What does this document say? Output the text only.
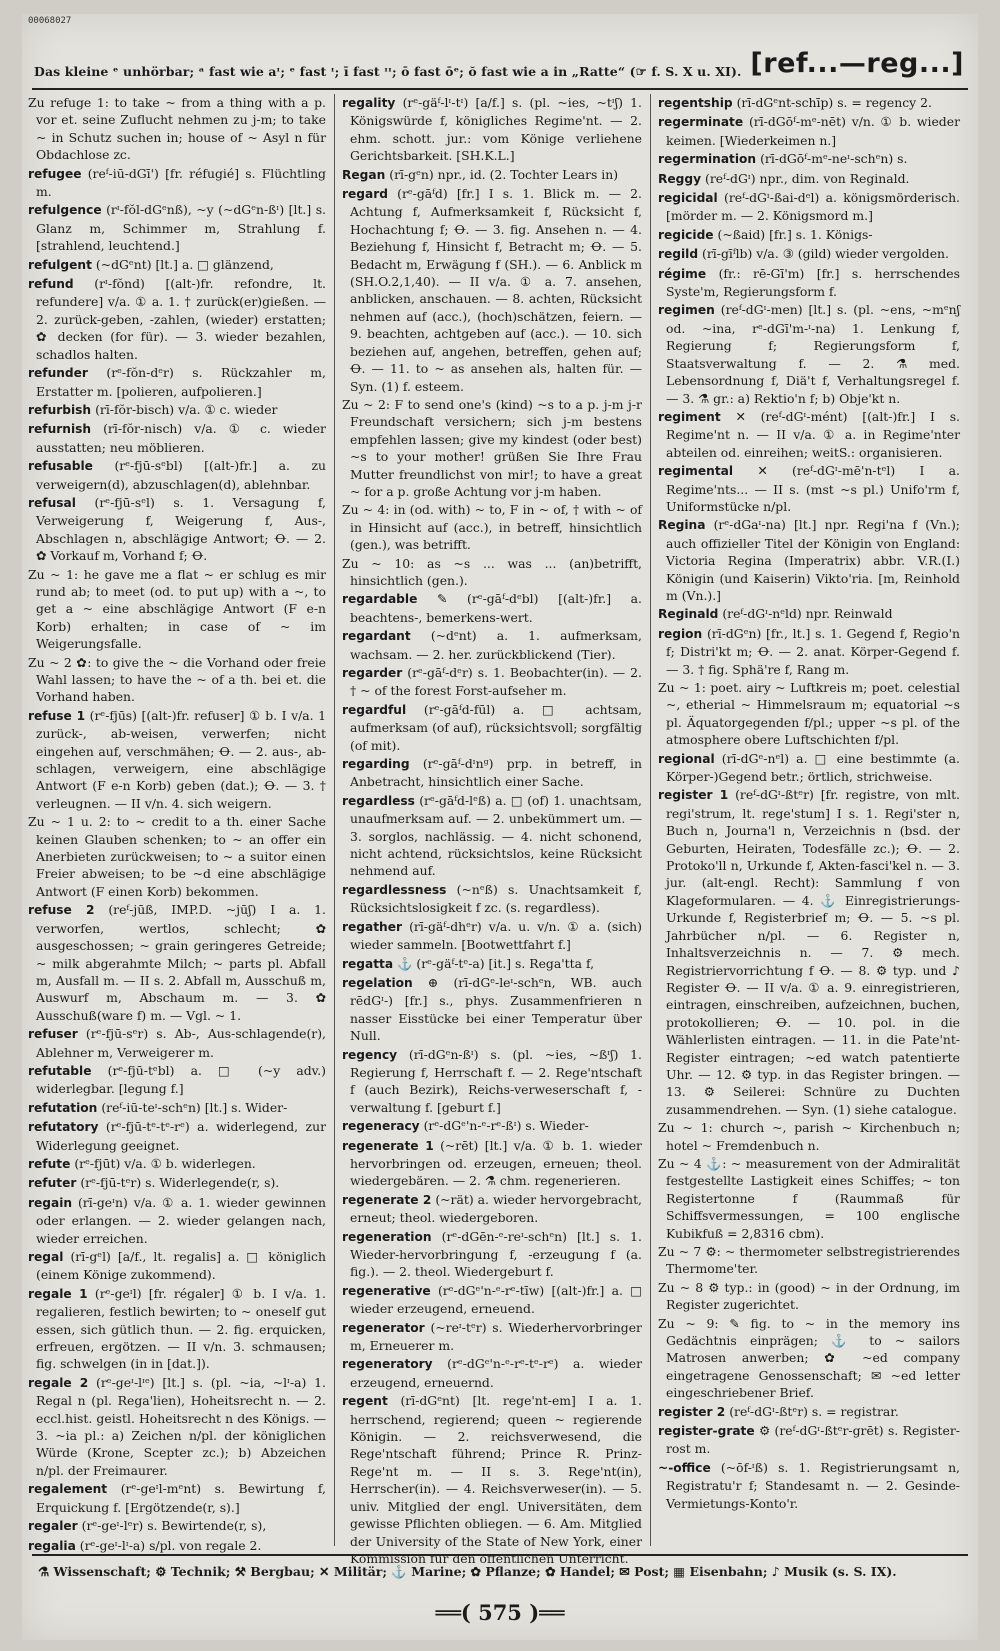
00068027
Das kleine ᵉ unhörbar; ᵃ fast wie aᶦ; ᵉ fast ᶦ; ī fast ᶦᶦ; ō fast ōᵉ; ŏ fast wie a in „Ratte“ (☞ f. S. X u. XI). [ref...—reg...]
Zu refuge 1: to take ~ from a thing with a p. vor et. seine Zuflucht nehmen zu j-m; to take ~ in Schutz suchen in; house of ~ Asyl n für Obdachlose zc.
refugee (reᶠ-iū-dGī') [fr. réfugié] s. Flüchtling m.
refulgence (rᶦ-fŏl-dGᵉnß), ~y (~dGᵉn-ßᶦ) [lt.] s. Glanz m, Schimmer m, Strahlung f. [strahlend, leuchtend.]
refulgent (~dGᵉnt) [lt.] a. □ glänzend,
refund (rᶦ-fŏnd) [(alt-)fr. refondre, lt. refundere] v/a. ① a. 1. † zurück(er)gießen. — 2. zurück-geben, -zahlen, (wieder) erstatten; ✿ decken (for für). — 3. wieder bezahlen, schadlos halten.
refunder (rᵉ-fŏn-dᵉr) s. Rückzahler m, Erstatter m. [polieren, aufpolieren.]
refurbish (rī-fŏr-bisch) v/a. ① c. wieder
refurnish (rī-fŏr-nisch) v/a. ① c. wieder ausstatten; neu möblieren.
refusable (rᵉ-fjū-sᵉbl) [(alt-)fr.] a. zu verweigern(d), abzuschlagen(d), ablehnbar.
refusal (rᵉ-fjū-sᵉl) s. 1. Versagung f, Verweigerung f, Weigerung f, Aus-, Abschlagen n, abschlägige Antwort; Ꝋ. — 2. ✿ Vorkauf m, Vorhand f; Ꝋ.
Zu ~ 1: he gave me a flat ~ er schlug es mir rund ab; to meet (od. to put up) with a ~, to get a ~ eine abschlägige Antwort (F e-n Korb) erhalten; in case of ~ im Weigerungsfalle.
Zu ~ 2 ✿: to give the ~ die Vorhand oder freie Wahl lassen; to have the ~ of a th. bei et. die Vorhand haben.
refuse 1 (rᵉ-fjūs) [(alt-)fr. refuser] ① b. I v/a. 1 zurück-, ab-weisen, verwerfen; nicht eingehen auf, verschmähen; Ꝋ. — 2. aus-, ab-schlagen, verweigern, eine abschlägige Antwort (F e-n Korb) geben (dat.); Ꝋ. — 3. † verleugnen. — II v/n. 4. sich weigern.
Zu ~ 1 u. 2: to ~ credit to a th. einer Sache keinen Glauben schenken; to ~ an offer ein Anerbieten zurückweisen; to ~ a suitor einen Freier abweisen; to be ~d eine abschlägige Antwort (F einen Korb) bekommen.
refuse 2 (reᶠ-jūß, IMP.D. ~jūʃ) I a. 1. verworfen, wertlos, schlecht; ✿ ausgeschossen; ~ grain geringeres Getreide; ~ milk abgerahmte Milch; ~ parts pl. Abfall m, Ausfall m. — II s. 2. Abfall m, Ausschuß m, Auswurf m, Abschaum m. — 3. ✿ Ausschuß(ware f) m. — Vgl. ~ 1.
refuser (rᵉ-fjū-sᵉr) s. Ab-, Aus-schlagende(r), Ablehner m, Verweigerer m.
refutable (rᵉ-fjū-tᵉbl) a. □ (~y adv.) widerlegbar. [legung f.]
refutation (reᶠ-iū-teᶦ-schᵉn) [lt.] s. Wider-
refutatory (rᵉ-fjū-tᵉ-tᵉ-rᵉ) a. widerlegend, zur Widerlegung geeignet.
refute (rᵉ-fjūt) v/a. ① b. widerlegen.
refuter (rᵉ-fjū-tᵉr) s. Widerlegende(r, s).
regain (rī-geᶦn) v/a. ① a. 1. wieder gewinnen oder erlangen. — 2. wieder gelangen nach, wieder erreichen.
regal (rī-gᵉl) [a/f., lt. regalis] a. □ königlich (einem Könige zukommend).
regale 1 (rᵉ-geᶦl) [fr. régaler] ① b. I v/a. 1. regalieren, festlich bewirten; to ~ oneself gut essen, sich gütlich thun. — 2. fig. erquicken, erfreuen, ergötzen. — II v/n. 3. schmausen; fig. schwelgen (in in [dat.]).
regale 2 (rᵉ-geᶦ-lᶦᵉ) [lt.] s. (pl. ~ia, ~lᶦ-a) 1. Regal n (pl. Rega'lien), Hoheitsrecht n. — 2. eccl.hist. geistl. Hoheitsrecht n des Königs. — 3. ~ia pl.: a) Zeichen n/pl. der königlichen Würde (Krone, Scepter zc.); b) Abzeichen n/pl. der Freimaurer.
regalement (rᵉ-geᶦl-mᵉnt) s. Bewirtung f, Erquickung f. [Ergötzende(r, s).]
regaler (rᵉ-geᶦ-lᵉr) s. Bewirtende(r, s),
regalia (rᵉ-geᶦ-lᶦ-a) s/pl. von regale 2.
regality (rᵉ-gäᶠ-lᶦ-tᶦ) [a/f.] s. (pl. ~ies, ~tᶦʃ) 1. Königswürde f, königliches Regime'nt. — 2. ehm. schott. jur.: vom Könige verliehene Gerichtsbarkeit. [SH.K.L.]
Regan (rī-gᵉn) npr., id. (2. Tochter Lears in)
regard (rᵉ-gāᶠd) [fr.] I s. 1. Blick m. — 2. Achtung f, Aufmerksamkeit f, Rücksicht f, Hochachtung f; Ꝋ. — 3. fig. Ansehen n. — 4. Beziehung f, Hinsicht f, Betracht m; Ꝋ. — 5. Bedacht m, Erwägung f (SH.). — 6. Anblick m (SH.O.2,1,40). — II v/a. ① a. 7. ansehen, anblicken, anschauen. — 8. achten, Rücksicht nehmen auf (acc.), (hoch)schätzen, feiern. — 9. beachten, achtgeben auf (acc.). — 10. sich beziehen auf, angehen, betreffen, gehen auf; Ꝋ. — 11. to ~ as ansehen als, halten für. — Syn. (1) f. esteem.
Zu ~ 2: F to send one's (kind) ~s to a p. j-m j-r Freundschaft versichern; sich j-m bestens empfehlen lassen; give my kindest (oder best) ~s to your mother! grüßen Sie Ihre Frau Mutter freundlichst von mir!; to have a great ~ for a p. große Achtung vor j-m haben.
Zu ~ 4: in (od. with) ~ to, F in ~ of, † with ~ of in Hinsicht auf (acc.), in betreff, hinsichtlich (gen.), was betrifft.
Zu ~ 10: as ~s ... was ... (an)betrifft, hinsichtlich (gen.).
regardable ✎ (rᵉ-gāᶠ-dᵉbl) [(alt-)fr.] a. beachtens-, bemerkens-wert.
regardant (~dᵉnt) a. 1. aufmerksam, wachsam. — 2. her. zurückblickend (Tier).
regarder (rᵉ-gāᶠ-dᵉr) s. 1. Beobachter(in). — 2. † ~ of the forest Forst-aufseher m.
regardful (rᵉ-gāᶠd-fūl) a. □ achtsam, aufmerksam (of auf), rücksichtsvoll; sorgfältig (of mit).
regarding (rᵉ-gāᶠ-dᶦnᵍ) prp. in betreff, in Anbetracht, hinsichtlich einer Sache.
regardless (rᵉ-gāᶠd-lᵉß) a. □ (of) 1. unachtsam, unaufmerksam auf. — 2. unbekümmert um. — 3. sorglos, nachlässig. — 4. nicht schonend, nicht achtend, rücksichtslos, keine Rücksicht nehmend auf.
regardlessness (~nᵉß) s. Unachtsamkeit f, Rücksichtslosigkeit f zc. (s. regardless).
regather (rī-gäᶠ-dhᵉr) v/a. u. v/n. ① a. (sich) wieder sammeln. [Bootwettfahrt f.]
regatta ⚓ (rᵉ-gäᶠ-tᵉ-a) [it.] s. Rega'tta f,
regelation ⊕ (rī-dGᵉ-leᶦ-schᵉn, WB. auch rēdGᶦ-) [fr.] s., phys. Zusammenfrieren n nasser Eisstücke bei einer Temperatur über Null.
regency (rī-dGᵉn-ßᶦ) s. (pl. ~ies, ~ßᶦʃ) 1. Regierung f, Herrschaft f. — 2. Rege'ntschaft f (auch Bezirk), Reichs-verweserschaft f, -verwaltung f. [geburt f.]
regeneracy (rᵉ-dGᵉ'n-ᵉ-rᵉ-ßᶦ) s. Wieder-
regenerate 1 (~rēt) [lt.] v/a. ① b. 1. wieder hervorbringen od. erzeugen, erneuen; theol. wiedergebären. — 2. ⚗ chm. regenerieren.
regenerate 2 (~rät) a. wieder hervorgebracht, erneut; theol. wiedergeboren.
regeneration (rᵉ-dGēn-ᵉ-reᶦ-schᵉn) [lt.] s. 1. Wieder-hervorbringung f, -erzeugung f (a. fig.). — 2. theol. Wiedergeburt f.
regenerative (rᵉ-dGᵉ'n-ᵉ-rᵉ-tīw) [(alt-)fr.] a. □ wieder erzeugend, erneuend.
regenerator (~reᶦ-tᵉr) s. Wiederhervorbringer m, Erneuerer m.
regeneratory (rᵉ-dGᵉ'n-ᵉ-rᵉ-tᵉ-rᵉ) a. wieder erzeugend, erneuernd.
regent (rī-dGᵉnt) [lt. rege'nt-em] I a. 1. herrschend, regierend; queen ~ regierende Königin. — 2. reichsverwesend, die Rege'ntschaft führend; Prince R. Prinz-Rege'nt m. — II s. 3. Rege'nt(in), Herrscher(in). — 4. Reichsverweser(in). — 5. univ. Mitglied der engl. Universitäten, dem gewisse Pflichten obliegen. — 6. Am. Mitglied der University of the State of New York, einer Kommission für den öffentlichen Unterricht.
regentship (rī-dGᵉnt-schīp) s. = regency 2.
regerminate (rī-dGōᶠ-mᵉ-nēt) v/n. ① b. wieder keimen. [Wiederkeimen n.]
regermination (rī-dGōᶠ-mᵉ-neᶦ-schᵉn) s.
Reggy (reᶠ-dGᶦ) npr., dim. von Reginald.
regicidal (reᶠ-dGᶦ-ßai-dᵉl) a. königsmörderisch. [mörder m. — 2. Königsmord m.]
regicide (~ßaid) [fr.] s. 1. Königs-
regild (rī-gīᶠlb) v/a. ③ (gild) wieder vergolden.
régime (fr.: rē-Gī'm) [fr.] s. herrschendes Syste'm, Regierungsform f.
regimen (reᶠ-dGᶦ-men) [lt.] s. (pl. ~ens, ~mᵉnʃ od. ~ina, rᵉ-dGī'm-ᶦ-na) 1. Lenkung f, Regierung f; Regierungsform f, Staatsverwaltung f. — 2. ⚗ med. Lebensordnung f, Diä't f, Verhaltungsregel f. — 3. ⚗ gr.: a) Rektio'n f; b) Obje'kt n.
regiment ✕ (reᶠ-dGᶦ-mént) [(alt-)fr.] I s. Regime'nt n. — II v/a. ① a. in Regime'nter abteilen od. einreihen; weitS.: organisieren.
regimental ✕ (reᶠ-dGᶦ-mē'n-tᵉl) I a. Regime'nts... — II s. (mst ~s pl.) Unifo'rm f, Uniformstücke n/pl.
Regina (rᵉ-dGaᶦ-na) [lt.] npr. Regi'na f (Vn.); auch offizieller Titel der Königin von England: Victoria Regina (Imperatrix) abbr. V.R.(I.) Königin (und Kaiserin) Vikto'ria. [m, Reinhold m (Vn.).]
Reginald (reᶠ-dGᶦ-nᵉld) npr. Reinwald
region (rī-dGᵉn) [fr., lt.] s. 1. Gegend f, Regio'n f; Distri'kt m; Ꝋ. — 2. anat. Körper-Gegend f. — 3. † fig. Sphä're f, Rang m.
Zu ~ 1: poet. airy ~ Luftkreis m; poet. celestial ~, etherial ~ Himmelsraum m; equatorial ~s pl. Äquatorgegenden f/pl.; upper ~s pl. of the atmosphere obere Luftschichten f/pl.
regional (rī-dGᵉ-nᵉl) a. □ eine bestimmte (a. Körper-)Gegend betr.; örtlich, strichweise.
register 1 (reᶠ-dGᶦ-ßtᵉr) [fr. registre, von mlt. regi'strum, lt. rege'stum] I s. 1. Regi'ster n, Buch n, Journa'l n, Verzeichnis n (bsd. der Geburten, Heiraten, Todesfälle zc.); Ꝋ. — 2. Protoko'll n, Urkunde f, Akten-fasci'kel n. — 3. jur. (alt-engl. Recht): Sammlung f von Klageformularen. — 4. ⚓ Einregistrierungs-Urkunde f, Registerbrief m; Ꝋ. — 5. ~s pl. Jahrbücher n/pl. — 6. Register n, Inhaltsverzeichnis n. — 7. ⚙ mech. Registriervorrichtung f Ꝋ. — 8. ⚙ typ. und ♪ Register Ꝋ. — II v/a. ① a. 9. einregistrieren, eintragen, einschreiben, aufzeichnen, buchen, protokollieren; Ꝋ. — 10. pol. in die Wählerlisten eintragen. — 11. in die Pate'nt-Register eintragen; ~ed watch patentierte Uhr. — 12. ⚙ typ. in das Register bringen. — 13. ⚙ Seilerei: Schnüre zu Duchten zusammendrehen. — Syn. (1) siehe catalogue.
Zu ~ 1: church ~, parish ~ Kirchenbuch n; hotel ~ Fremdenbuch n.
Zu ~ 4 ⚓: ~ measurement von der Admiralität festgestellte Lastigkeit eines Schiffes; ~ ton Registertonne f (Raummaß für Schiffsvermessungen, = 100 englische Kubikfuß = 2,8316 cbm).
Zu ~ 7 ⚙: ~ thermometer selbstregistrierendes Thermome'ter.
Zu ~ 8 ⚙ typ.: in (good) ~ in der Ordnung, im Register zugerichtet.
Zu ~ 9: ✎ fig. to ~ in the memory ins Gedächtnis einprägen; ⚓ to ~ sailors Matrosen anwerben; ✿ ~ed company eingetragene Genossenschaft; ✉ ~ed letter eingeschriebener Brief.
register 2 (reᶠ-dGᶦ-ßtᵉr) s. = registrar.
register-grate ⚙ (reᶠ-dGᶦ-ßtᵉr-grēt) s. Register-rost m.
~-office (~ōf-ᶦß) s. 1. Registrierungsamt n, Registratu'r f; Standesamt n. — 2. Gesinde-Vermietungs-Konto'r.
⚗ Wissenschaft; ⚙ Technik; ⚒ Bergbau; ✕ Militär; ⚓ Marine; ✿ Pflanze; ✿ Handel; ✉ Post; ▦ Eisenbahn; ♪ Musik (s. S. IX).
══( 575 )══
